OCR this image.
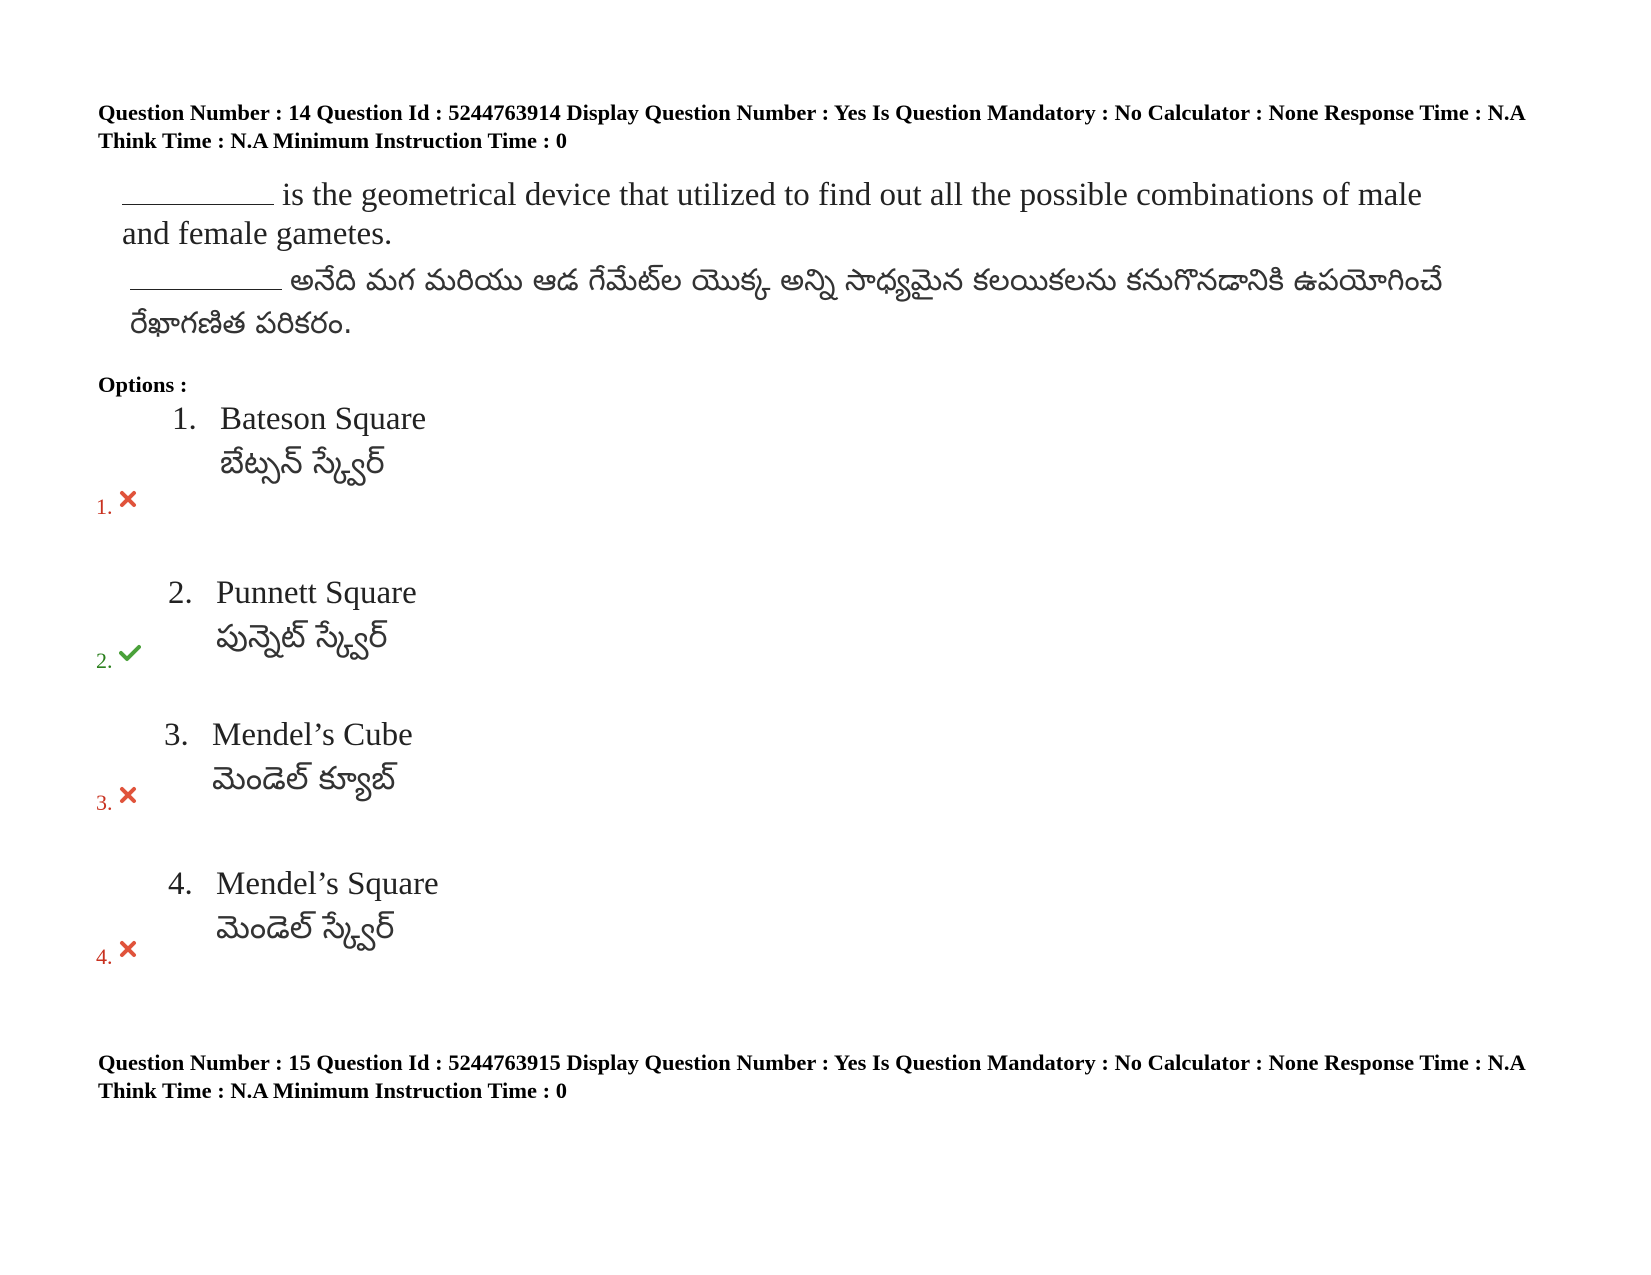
Question Number : 14 Question Id : 5244763914 Display Question Number : Yes Is Question Mandatory : No Calculator : None Response Time : N.A Think Time : N.A Minimum Instruction Time : 0

is the geometrical device that utilized to find out all the possible combinations of male and female gametes.
అనేది మగ మరియు ఆడ గేమేట్‌ల యొక్క అన్ని సాధ్యమైన కలయికలను కనుగొనడానికి ఉపయోగించే రేఖాగణిత పరికరం.
Options :
1. Bateson Square
బేట్సన్ స్క్వేర్
1.
2. Punnett Square
పున్నెట్ స్క్వేర్
2.
3. Mendel’s Cube
మెండెల్ క్యూబ్
3.
4. Mendel’s Square
మెండెల్ స్క్వేర్
4.

Question Number : 15 Question Id : 5244763915 Display Question Number : Yes Is Question Mandatory : No Calculator : None Response Time : N.A Think Time : N.A Minimum Instruction Time : 0
